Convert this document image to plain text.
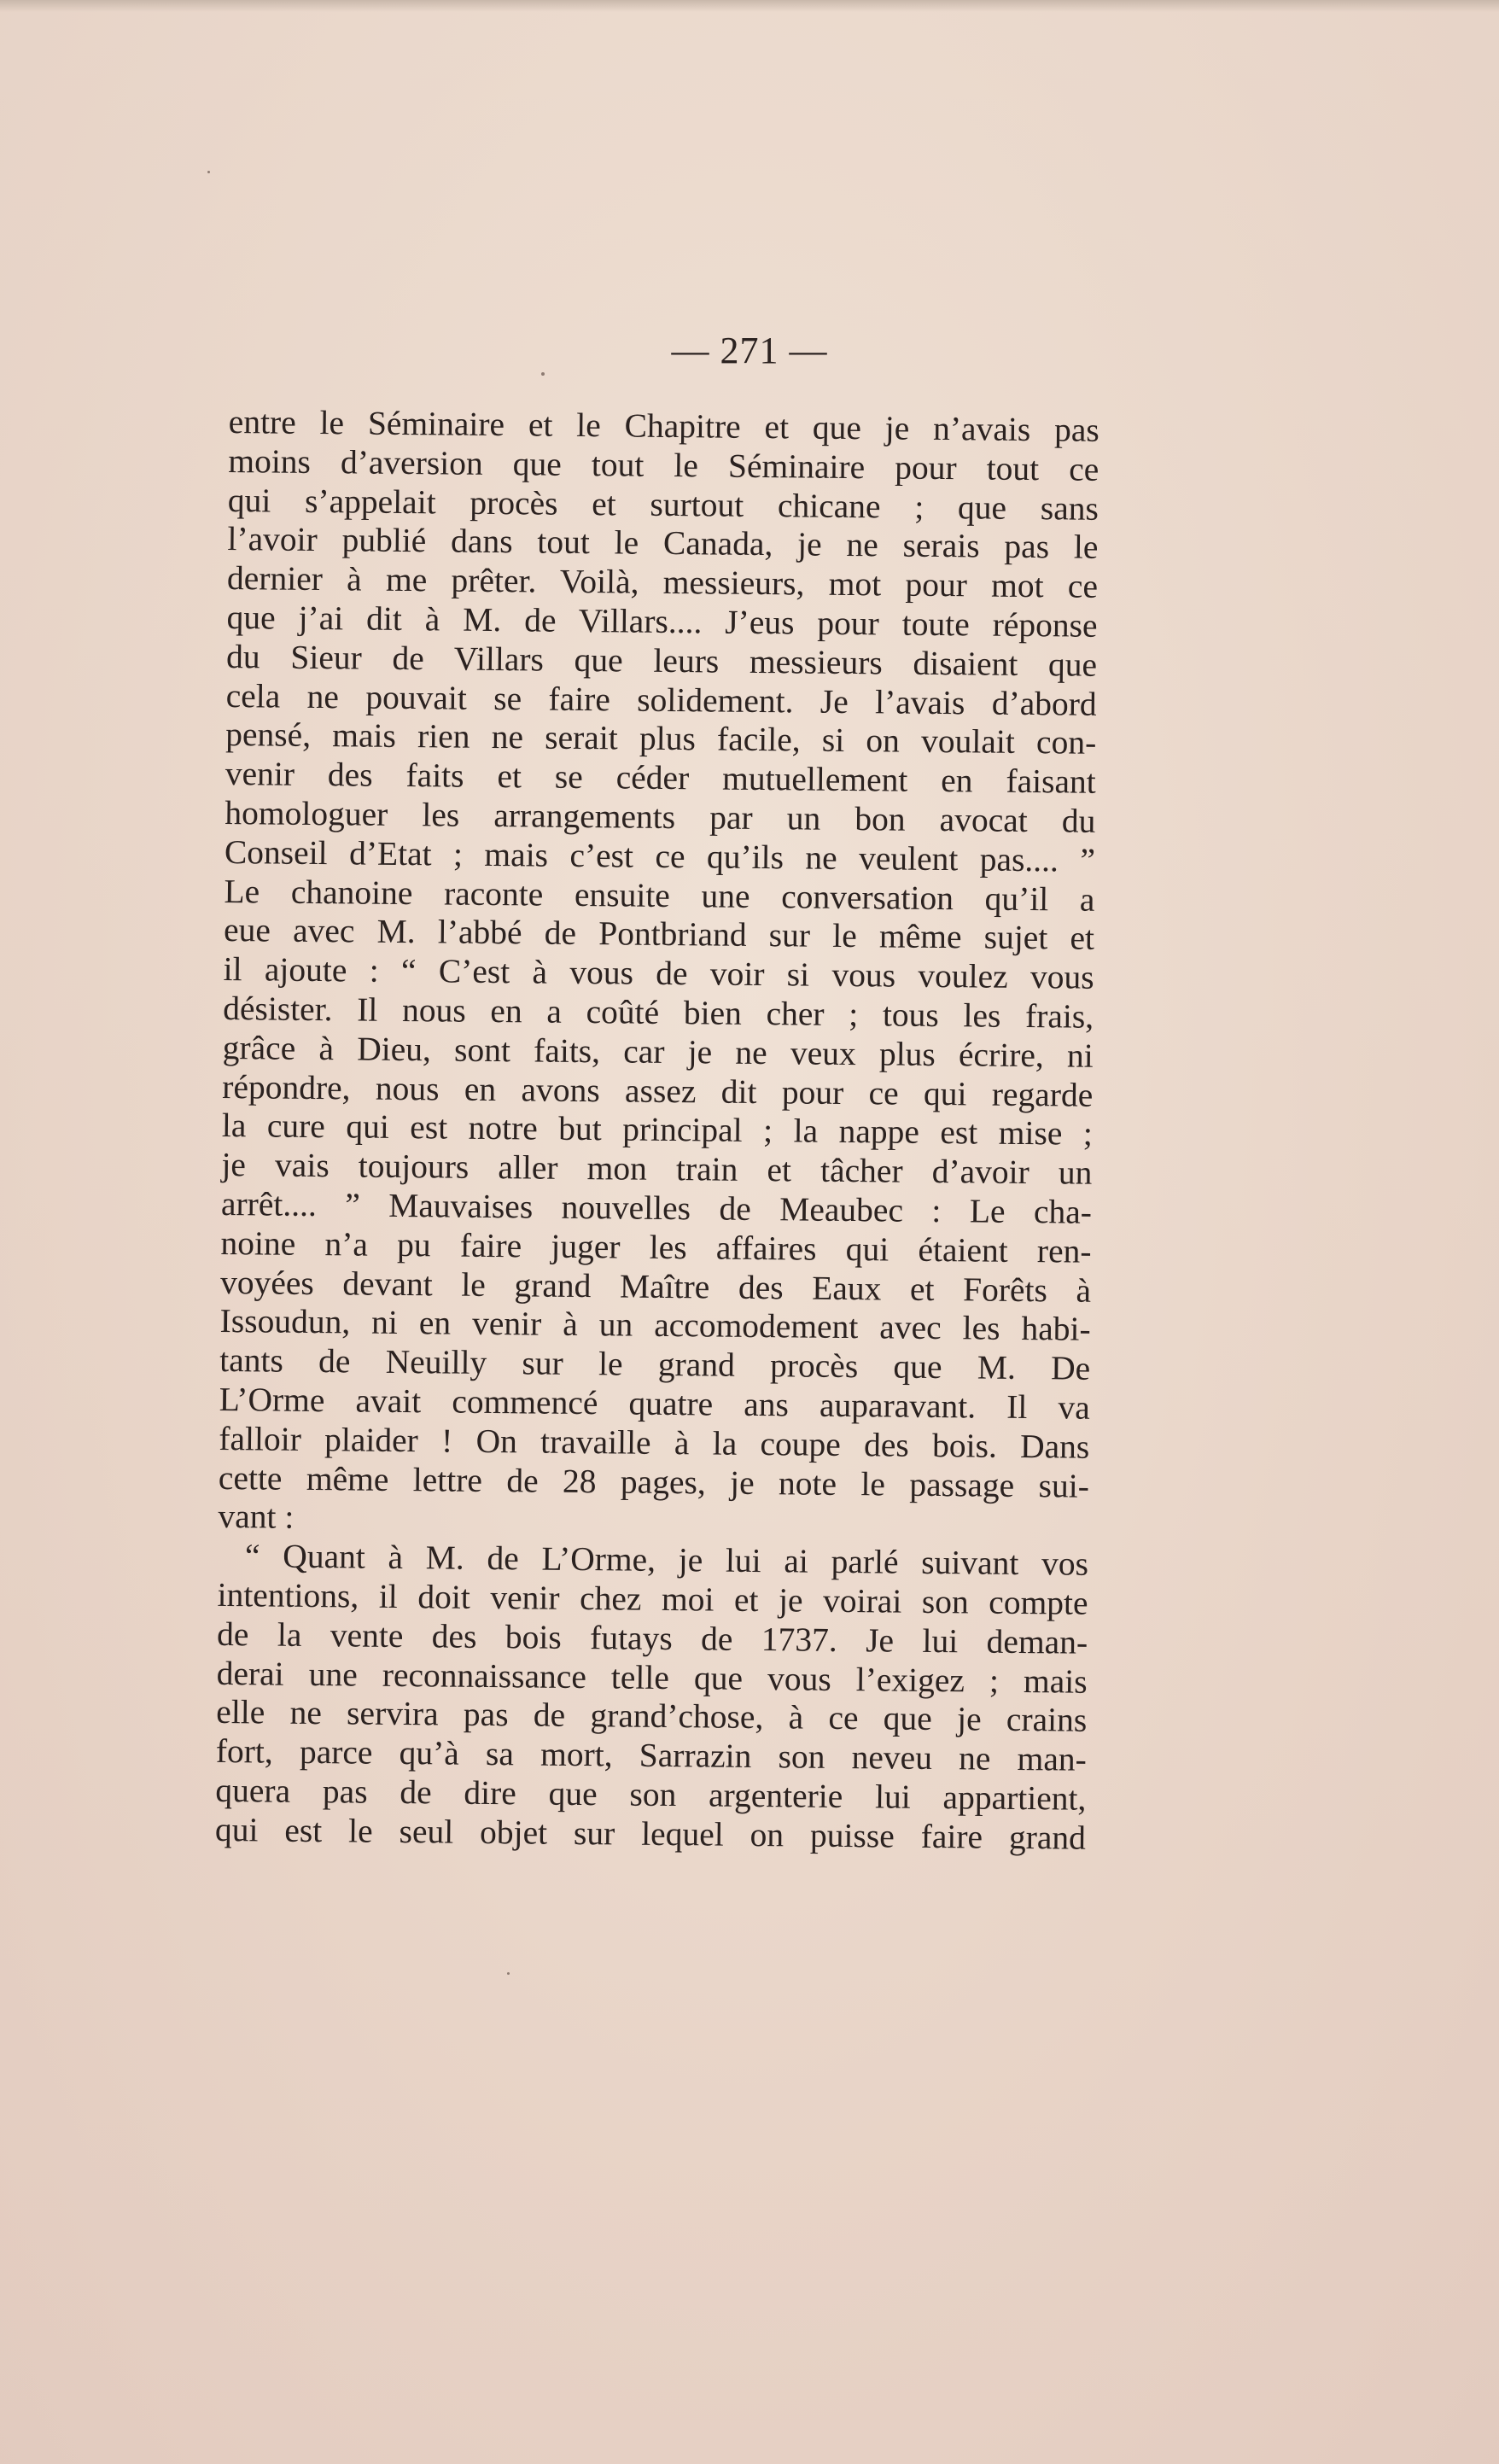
— 271 —
entre le Séminaire et le Chapitre et que je n’avais pas
moins d’aversion que tout le Séminaire pour tout ce
qui s’appelait procès et surtout chicane ; que sans
l’avoir publié dans tout le Canada, je ne serais pas le
dernier à me prêter. Voilà, messieurs, mot pour mot ce
que j’ai dit à M. de Villars.... J’eus pour toute réponse
du Sieur de Villars que leurs messieurs disaient que
cela ne pouvait se faire solidement. Je l’avais d’abord
pensé, mais rien ne serait plus facile, si on voulait con-
venir des faits et se céder mutuellement en faisant
homologuer les arrangements par un bon avocat du
Conseil d’Etat ; mais c’est ce qu’ils ne veulent pas.... ”
Le chanoine raconte ensuite une conversation qu’il a
eue avec M. l’abbé de Pontbriand sur le même sujet et
il ajoute : “ C’est à vous de voir si vous voulez vous
désister. Il nous en a coûté bien cher ; tous les frais,
grâce à Dieu, sont faits, car je ne veux plus écrire, ni
répondre, nous en avons assez dit pour ce qui regarde
la cure qui est notre but principal ; la nappe est mise ;
je vais toujours aller mon train et tâcher d’avoir un
arrêt.... ” Mauvaises nouvelles de Meaubec : Le cha-
noine n’a pu faire juger les affaires qui étaient ren-
voyées devant le grand Maître des Eaux et Forêts à
Issoudun, ni en venir à un accomodement avec les habi-
tants de Neuilly sur le grand procès que M. De
L’Orme avait commencé quatre ans auparavant. Il va
falloir plaider ! On travaille à la coupe des bois. Dans
cette même lettre de 28 pages, je note le passage sui-
vant :
“ Quant à M. de L’Orme, je lui ai parlé suivant vos
intentions, il doit venir chez moi et je voirai son compte
de la vente des bois futays de 1737. Je lui deman-
derai une reconnaissance telle que vous l’exigez ; mais
elle ne servira pas de grand’chose, à ce que je crains
fort, parce qu’à sa mort, Sarrazin son neveu ne man-
quera pas de dire que son argenterie lui appartient,
qui est le seul objet sur lequel on puisse faire grand
